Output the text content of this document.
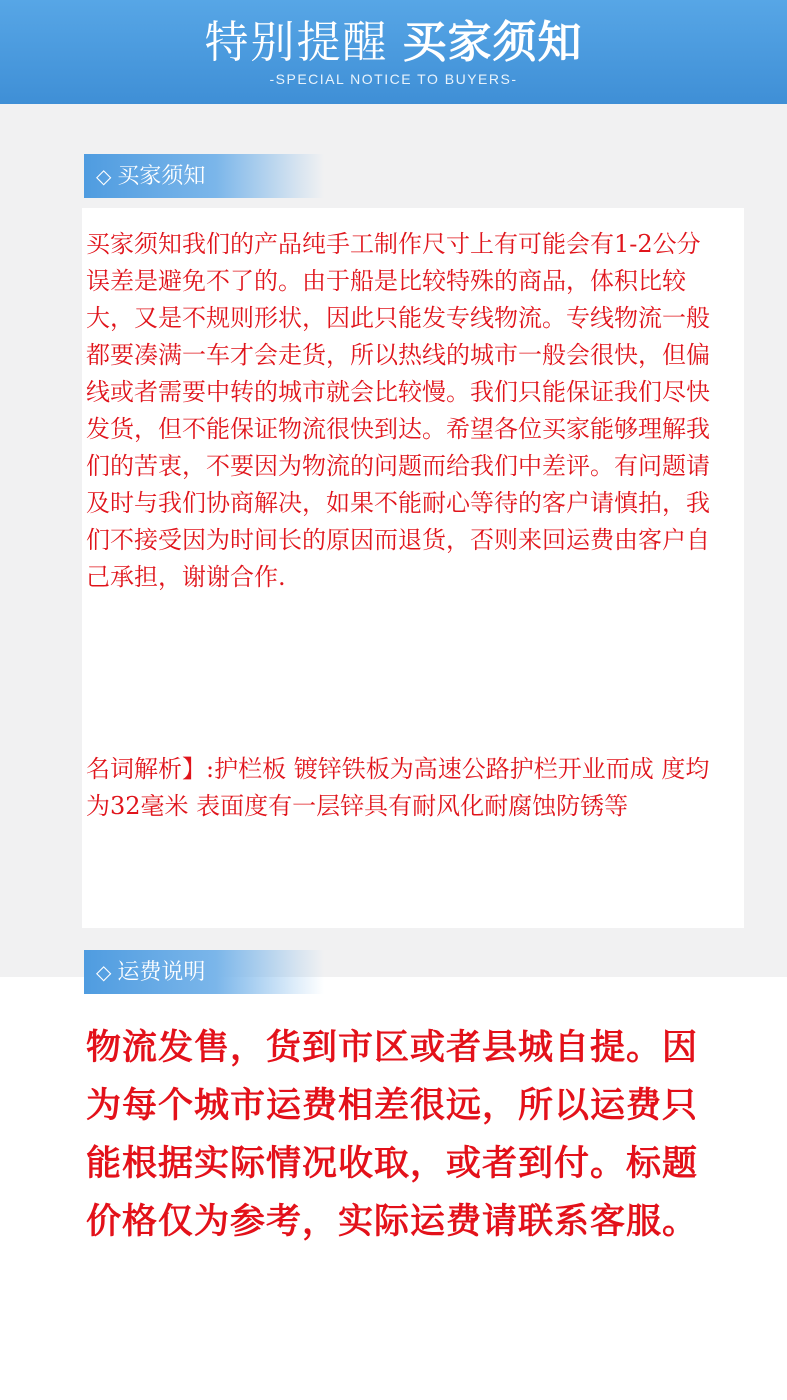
特别提醒 买家须知
-SPECIAL NOTICE TO BUYERS-
◇ 买家须知

买家须知我们的产品纯手工制作尺寸上有可能会有1-2公分误差是避免不了的。由于船是比较特殊的商品，体积比较大，又是不规则形状，因此只能发专线物流。专线物流一般都要凑满一车才会走货，所以热线的城市一般会很快，但偏线或者需要中转的城市就会比较慢。我们只能保证我们尽快发货，但不能保证物流很快到达。希望各位买家能够理解我们的苦衷，不要因为物流的问题而给我们中差评。有问题请及时与我们协商解决，如果不能耐心等待的客户请慎拍，我们不接受因为时间长的原因而退货，否则来回运费由客户自己承担，谢谢合作.

名词解析】:护栏板 镀锌铁板为高速公路护栏开业而成 度均为32毫米 表面度有一层锌具有耐风化耐腐蚀防锈等

◇ 运费说明

物流发售，货到市区或者县城自提。因为每个城市运费相差很远，所以运费只能根据实际情况收取，或者到付。标题价格仅为参考，实际运费请联系客服。
